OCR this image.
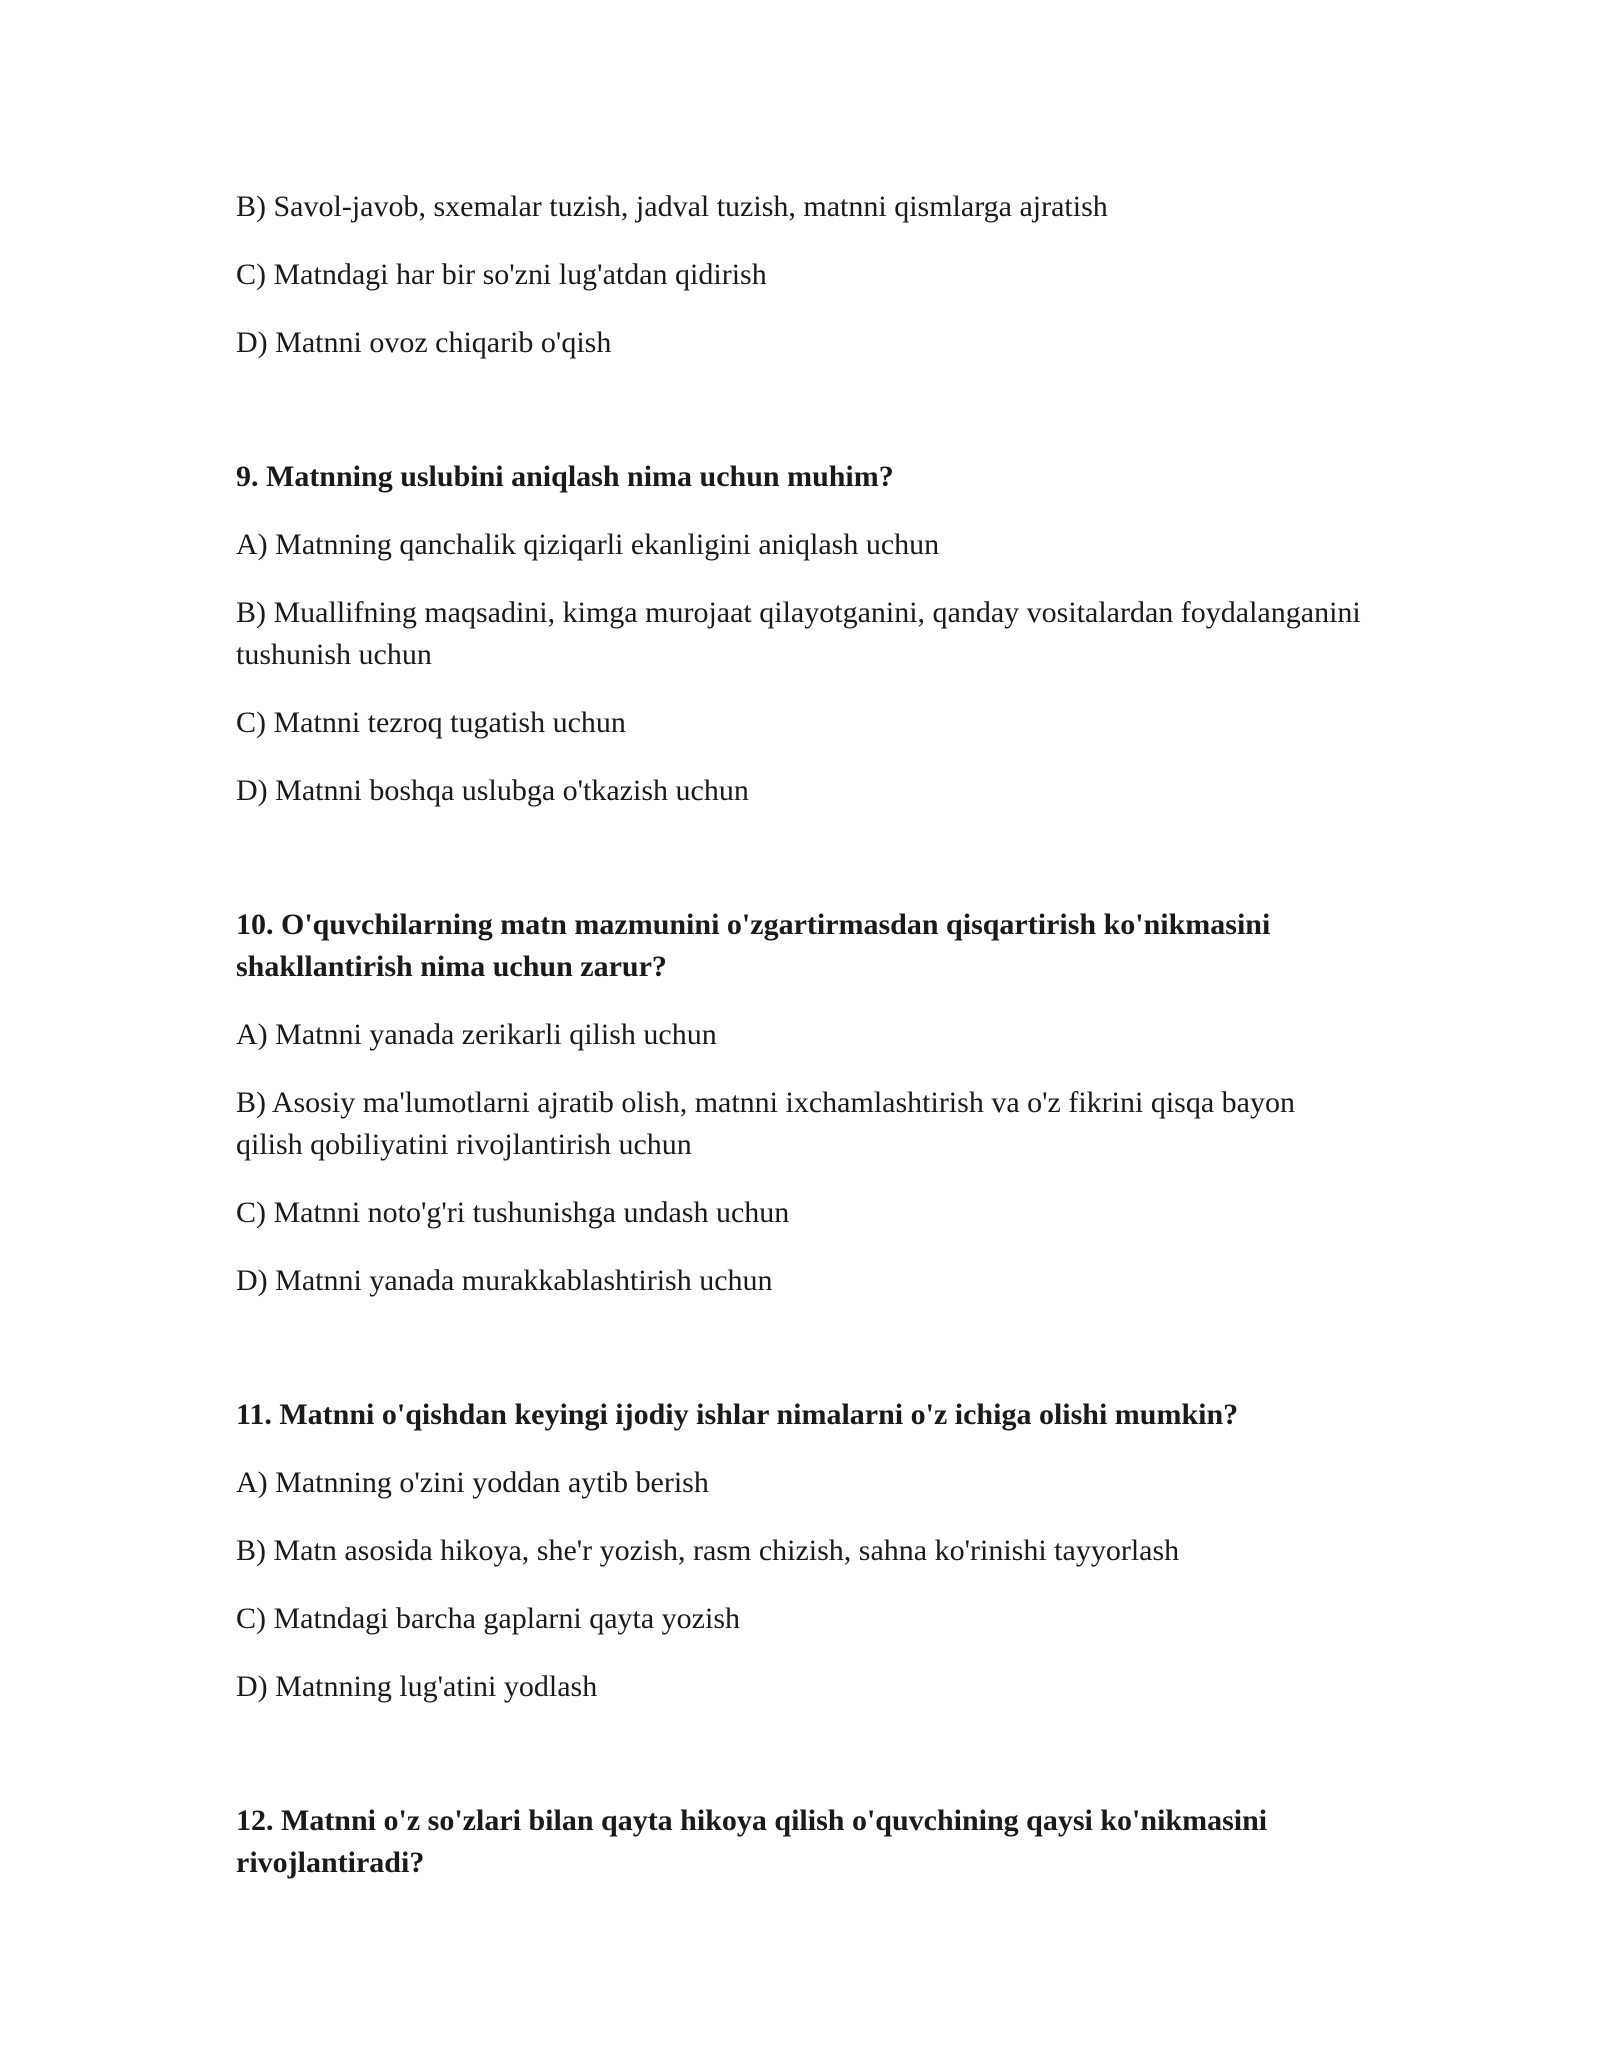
B) Savol-javob, sxemalar tuzish, jadval tuzish, matnni qismlarga ajratish

C) Matndagi har bir so'zni lug'atdan qidirish

D) Matnni ovoz chiqarib o'qish

9. Matnning uslubini aniqlash nima uchun muhim?

A) Matnning qanchalik qiziqarli ekanligini aniqlash uchun

B) Muallifning maqsadini, kimga murojaat qilayotganini, qanday vositalardan foydalanganini tushunish uchun

C) Matnni tezroq tugatish uchun

D) Matnni boshqa uslubga o'tkazish uchun

10. O'quvchilarning matn mazmunini o'zgartirmasdan qisqartirish ko'nikmasini shakllantirish nima uchun zarur?

A) Matnni yanada zerikarli qilish uchun

B) Asosiy ma'lumotlarni ajratib olish, matnni ixchamlashtirish va o'z fikrini qisqa bayon qilish qobiliyatini rivojlantirish uchun

C) Matnni noto'g'ri tushunishga undash uchun

D) Matnni yanada murakkablashtirish uchun

11. Matnni o'qishdan keyingi ijodiy ishlar nimalarni o'z ichiga olishi mumkin?

A) Matnning o'zini yoddan aytib berish

B) Matn asosida hikoya, she'r yozish, rasm chizish, sahna ko'rinishi tayyorlash

C) Matndagi barcha gaplarni qayta yozish

D) Matnning lug'atini yodlash

12. Matnni o'z so'zlari bilan qayta hikoya qilish o'quvchining qaysi ko'nikmasini rivojlantiradi?
